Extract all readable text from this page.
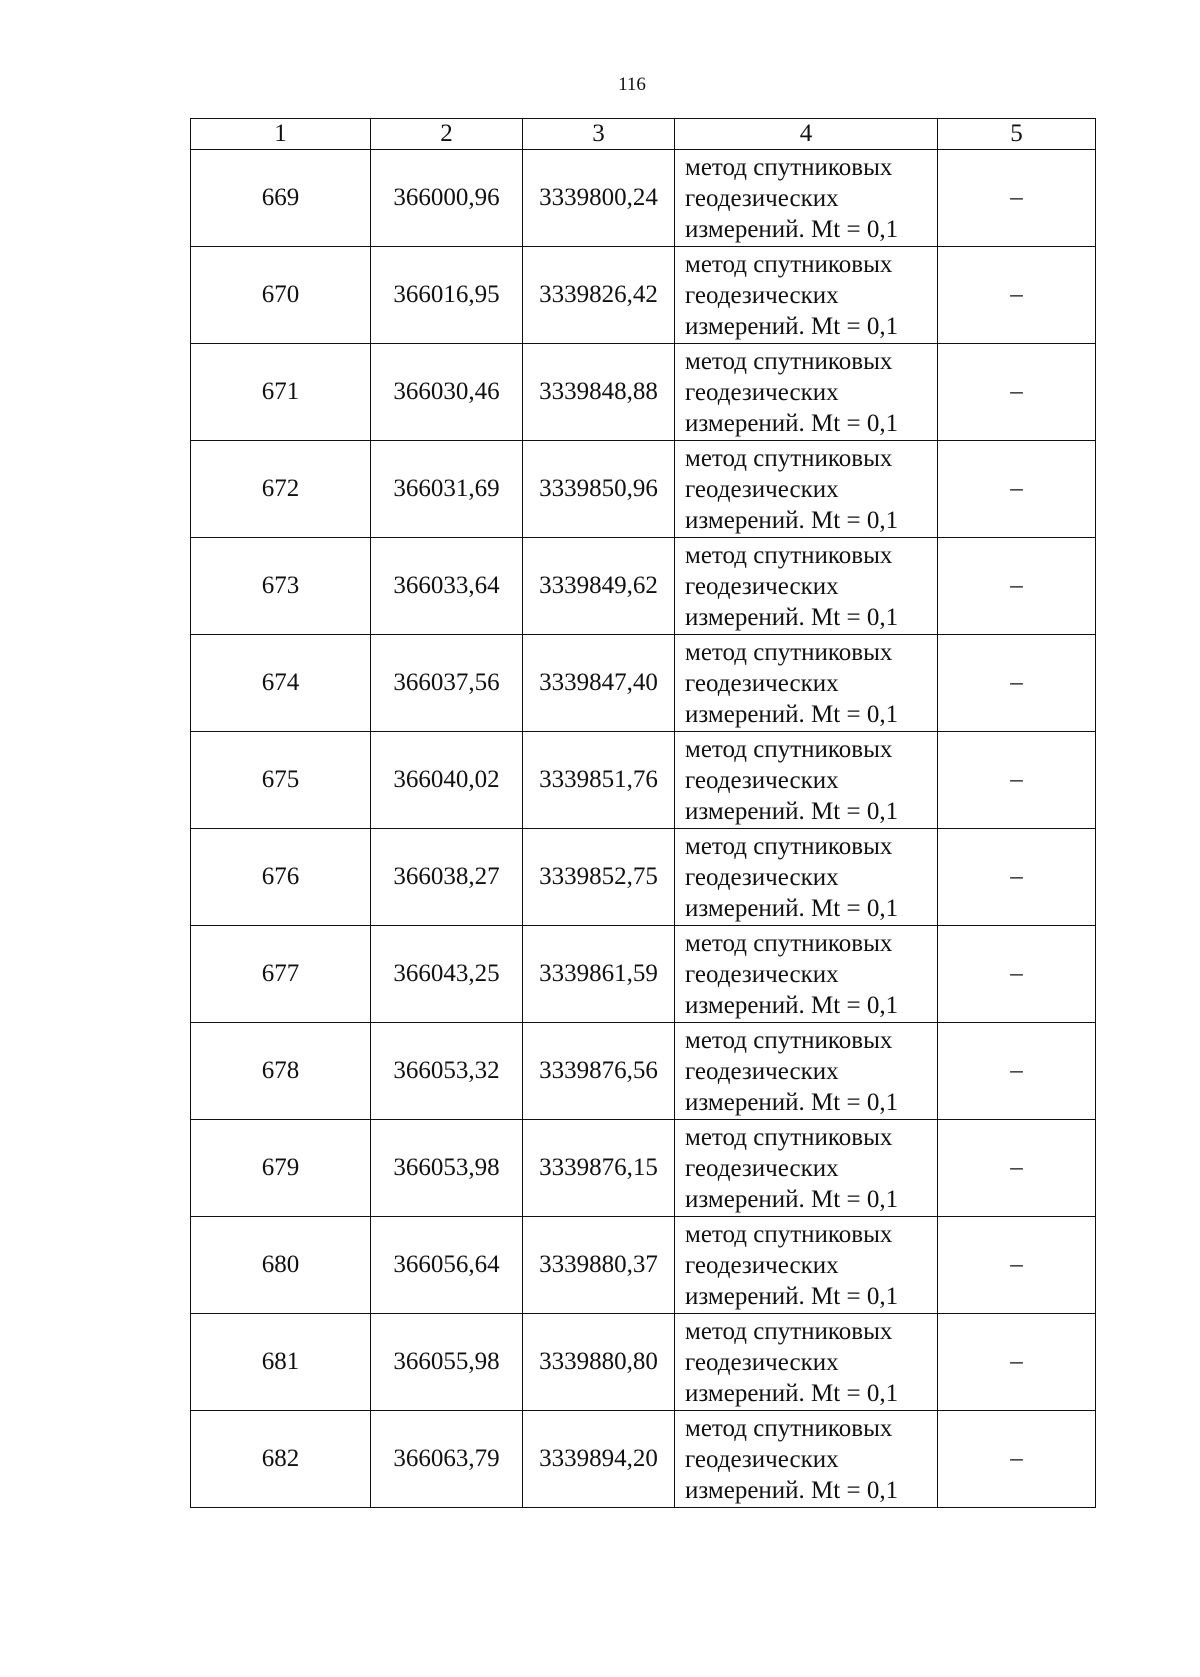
116
1	2	3	4	5
669	366000,96	3339800,24	метод спутниковых
геодезических
измерений. Mt = 0,1	–
670	366016,95	3339826,42	метод спутниковых
геодезических
измерений. Mt = 0,1	–
671	366030,46	3339848,88	метод спутниковых
геодезических
измерений. Mt = 0,1	–
672	366031,69	3339850,96	метод спутниковых
геодезических
измерений. Mt = 0,1	–
673	366033,64	3339849,62	метод спутниковых
геодезических
измерений. Mt = 0,1	–
674	366037,56	3339847,40	метод спутниковых
геодезических
измерений. Mt = 0,1	–
675	366040,02	3339851,76	метод спутниковых
геодезических
измерений. Mt = 0,1	–
676	366038,27	3339852,75	метод спутниковых
геодезических
измерений. Mt = 0,1	–
677	366043,25	3339861,59	метод спутниковых
геодезических
измерений. Mt = 0,1	–
678	366053,32	3339876,56	метод спутниковых
геодезических
измерений. Mt = 0,1	–
679	366053,98	3339876,15	метод спутниковых
геодезических
измерений. Mt = 0,1	–
680	366056,64	3339880,37	метод спутниковых
геодезических
измерений. Mt = 0,1	–
681	366055,98	3339880,80	метод спутниковых
геодезических
измерений. Mt = 0,1	–
682	366063,79	3339894,20	метод спутниковых
геодезических
измерений. Mt = 0,1	–
